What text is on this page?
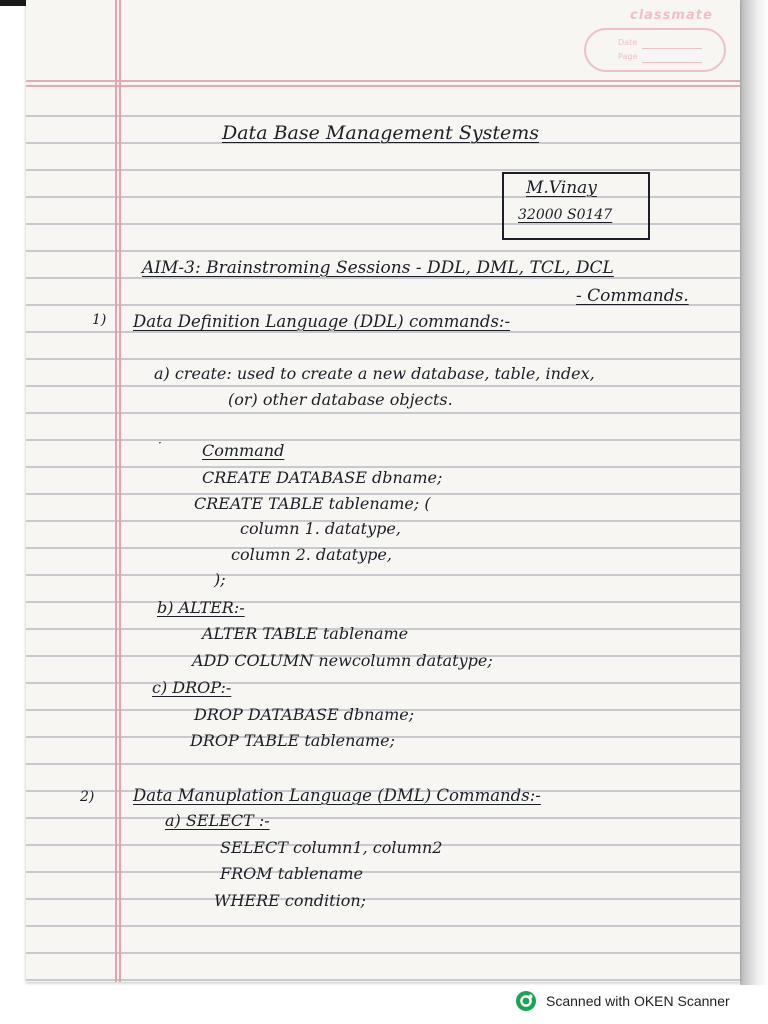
classmate
Date
Page
Data Base Management Systems
M.Vinay
32000 S0147
AIM-3: Brainstroming Sessions - DDL, DML, TCL, DCL
- Commands.
1) Data Definition Language (DDL) commands:-
a) create: used to create a new database, table, index,
(or) other database objects.
·	Command
CREATE DATABASE dbname;
CREATE TABLE tablename; (
column 1. datatype,
column 2. datatype,
);
b) ALTER:-
ALTER TABLE tablename
ADD COLUMN newcolumn datatype;
c) DROP:-
DROP DATABASE dbname;
DROP TABLE tablename;
2) Data Manuplation Language (DML) Commands:-
a) SELECT :-
SELECT column1, column2
FROM tablename
WHERE condition;
Scanned with OKEN Scanner
